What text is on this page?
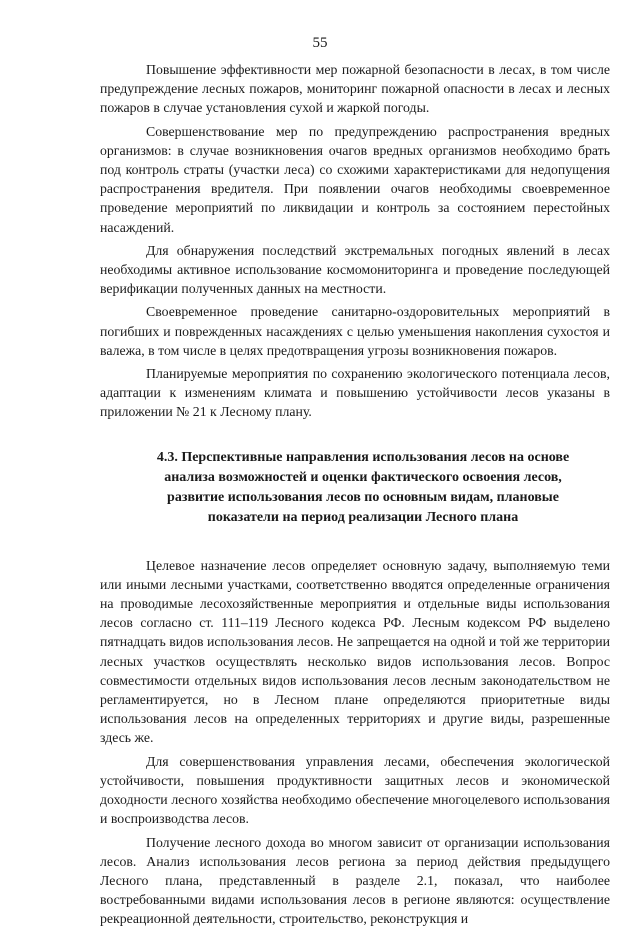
55

Повышение эффективности мер пожарной безопасности в лесах, в том числе предупреждение лесных пожаров, мониторинг пожарной опасности в лесах и лесных пожаров в случае установления сухой и жаркой погоды.

Совершенствование мер по предупреждению распространения вредных организмов: в случае возникновения очагов вредных организмов необходимо брать под контроль страты (участки леса) со схожими характеристиками для недопущения распространения вредителя. При появлении очагов необходимы своевременное проведение мероприятий по ликвидации и контроль за состоянием перестойных насаждений.

Для обнаружения последствий экстремальных погодных явлений в лесах необходимы активное использование космомониторинга и проведение последующей верификации полученных данных на местности.

Своевременное проведение санитарно-оздоровительных мероприятий в погибших и поврежденных насаждениях с целью уменьшения накопления сухостоя и валежа, в том числе в целях предотвращения угрозы возникновения пожаров.

Планируемые мероприятия по сохранению экологического потенциала лесов, адаптации к изменениям климата и повышению устойчивости лесов указаны в приложении № 21 к Лесному плану.

4.3. Перспективные направления использования лесов на основе анализа возможностей и оценки фактического освоения лесов, развитие использования лесов по основным видам, плановые показатели на период реализации Лесного плана

Целевое назначение лесов определяет основную задачу, выполняемую теми или иными лесными участками, соответственно вводятся определенные ограничения на проводимые лесохозяйственные мероприятия и отдельные виды использования лесов согласно ст. 111–119 Лесного кодекса РФ. Лесным кодексом РФ выделено пятнадцать видов использования лесов. Не запрещается на одной и той же территории лесных участков осуществлять несколько видов использования лесов. Вопрос совместимости отдельных видов использования лесов лесным законодательством не регламентируется, но в Лесном плане определяются приоритетные виды использования лесов на определенных территориях и другие виды, разрешенные здесь же.

Для совершенствования управления лесами, обеспечения экологической устойчивости, повышения продуктивности защитных лесов и экономической доходности лесного хозяйства необходимо обеспечение многоцелевого использования и воспроизводства лесов.

Получение лесного дохода во многом зависит от организации использования лесов. Анализ использования лесов региона за период действия предыдущего Лесного плана, представленный в разделе 2.1, показал, что наиболее востребованными видами использования лесов в регионе являются: осуществление рекреационной деятельности, строительство, реконструкция и
